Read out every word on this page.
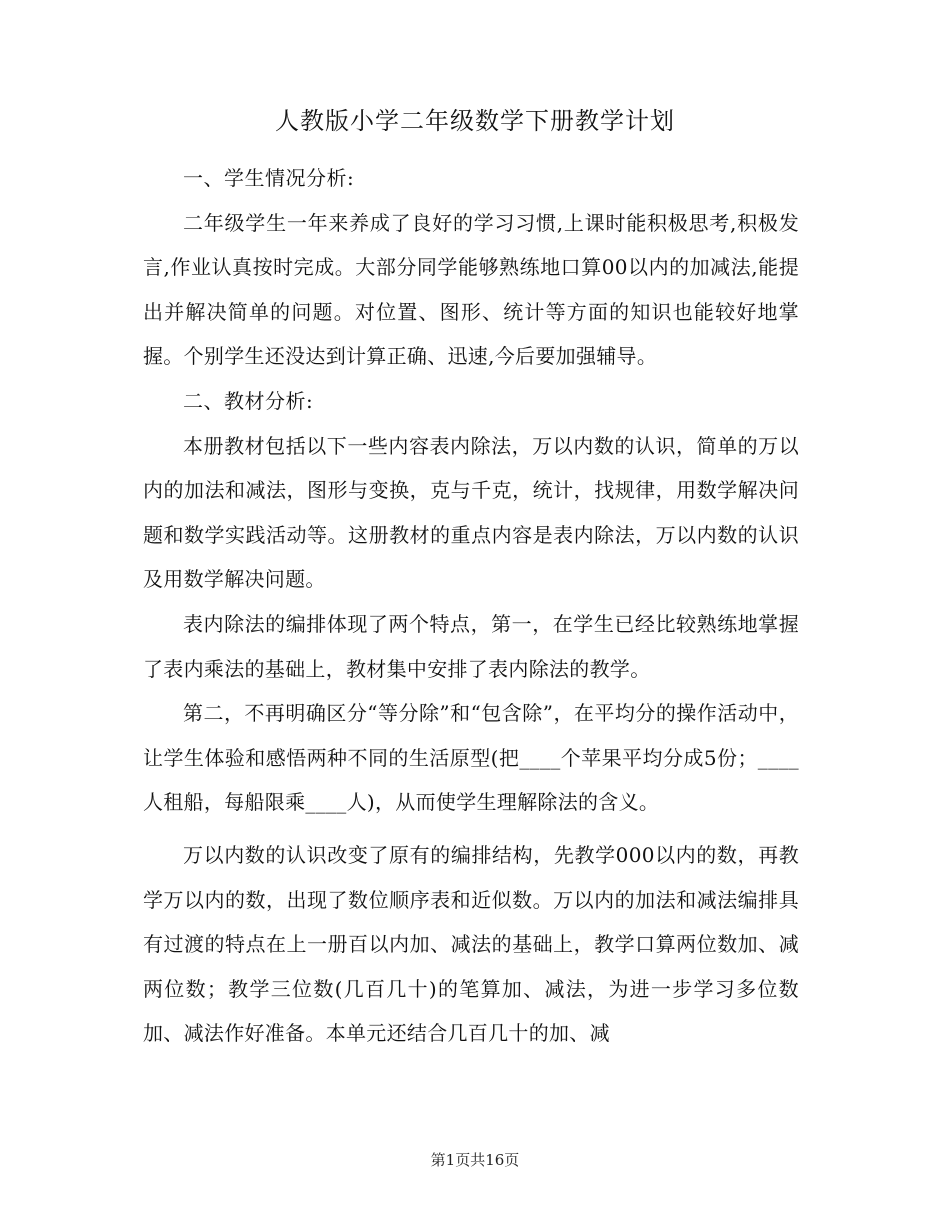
人教版小学二年级数学下册教学计划

一、学生情况分析:

二年级学生一年来养成了良好的学习习惯,上课时能积极思考,积极发言,作业认真按时完成。大部分同学能够熟练地口算00以内的加减法,能提出并解决简单的问题。对位置、图形、统计等方面的知识也能较好地掌握。个别学生还没达到计算正确、迅速,今后要加强辅导。

二、教材分析:

本册教材包括以下一些内容表内除法，万以内数的认识，简单的万以内的加法和减法，图形与变换，克与千克，统计，找规律，用数学解决问题和数学实践活动等。这册教材的重点内容是表内除法，万以内数的认识及用数学解决问题。

表内除法的编排体现了两个特点，第一，在学生已经比较熟练地掌握了表内乘法的基础上，教材集中安排了表内除法的教学。

第二，不再明确区分“等分除”和“包含除”，在平均分的操作活动中，让学生体验和感悟两种不同的生活原型(把____个苹果平均分成5份；____人租船，每船限乘____人)，从而使学生理解除法的含义。

万以内数的认识改变了原有的编排结构，先教学000以内的数，再教学万以内的数，出现了数位顺序表和近似数。万以内的加法和减法编排具有过渡的特点在上一册百以内加、减法的基础上，教学口算两位数加、减两位数；教学三位数(几百几十)的笔算加、减法，为进一步学习多位数加、减法作好准备。本单元还结合几百几十的加、减

第1页共16页
